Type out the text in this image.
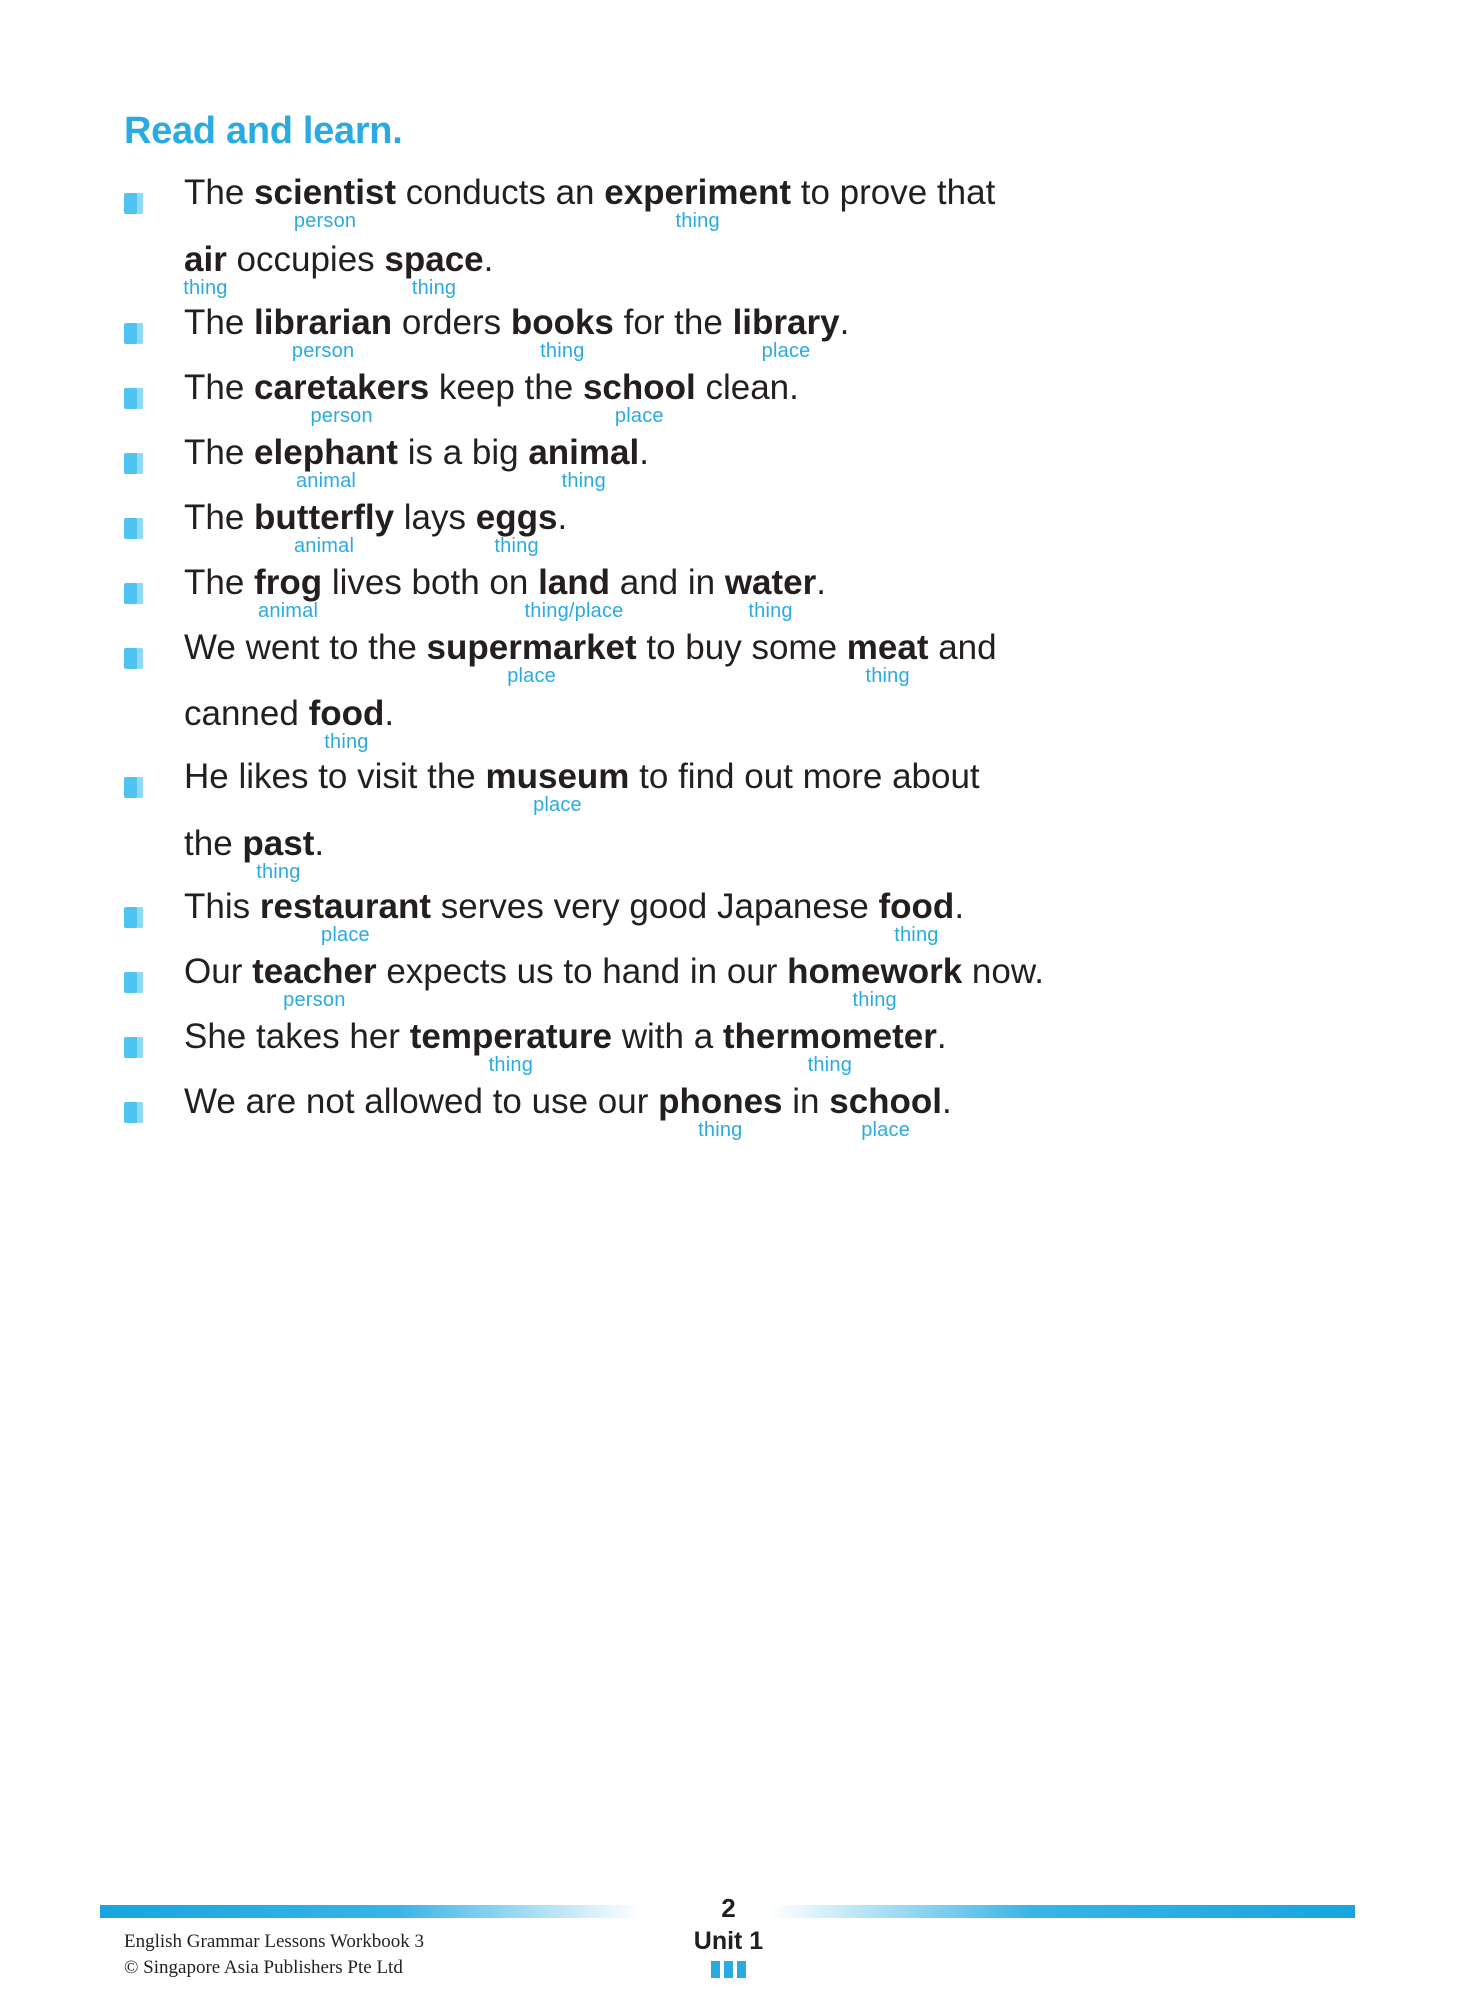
Read and learn.
The scientist
person
conducts an experiment
thing
to prove that
air
thing
occupies space
thing
.
The librarian
person
orders books
thing
for the library
place
.
The caretakers
person
keep the school
place
clean.
The elephant
animal
is a big animal
thing
.
The butterfly
animal
lays eggs
thing
.
The frog
animal
lives both on land
thing/place
and in water
thing
.
We went to the supermarket
place
to buy some meat
thing
and
canned food
thing
.
He likes to visit the museum
place
to find out more about
the past
thing
.
This restaurant
place
serves very good Japanese food
thing
.
Our teacher
person
expects us to hand in our homework
thing
now.
She takes her temperature
thing
with a thermometer
thing
.
We are not allowed to use our phones
thing
in school
place
.
English Grammar Lessons Workbook 3
© Singapore Asia Publishers Pte Ltd
2
Unit 1
